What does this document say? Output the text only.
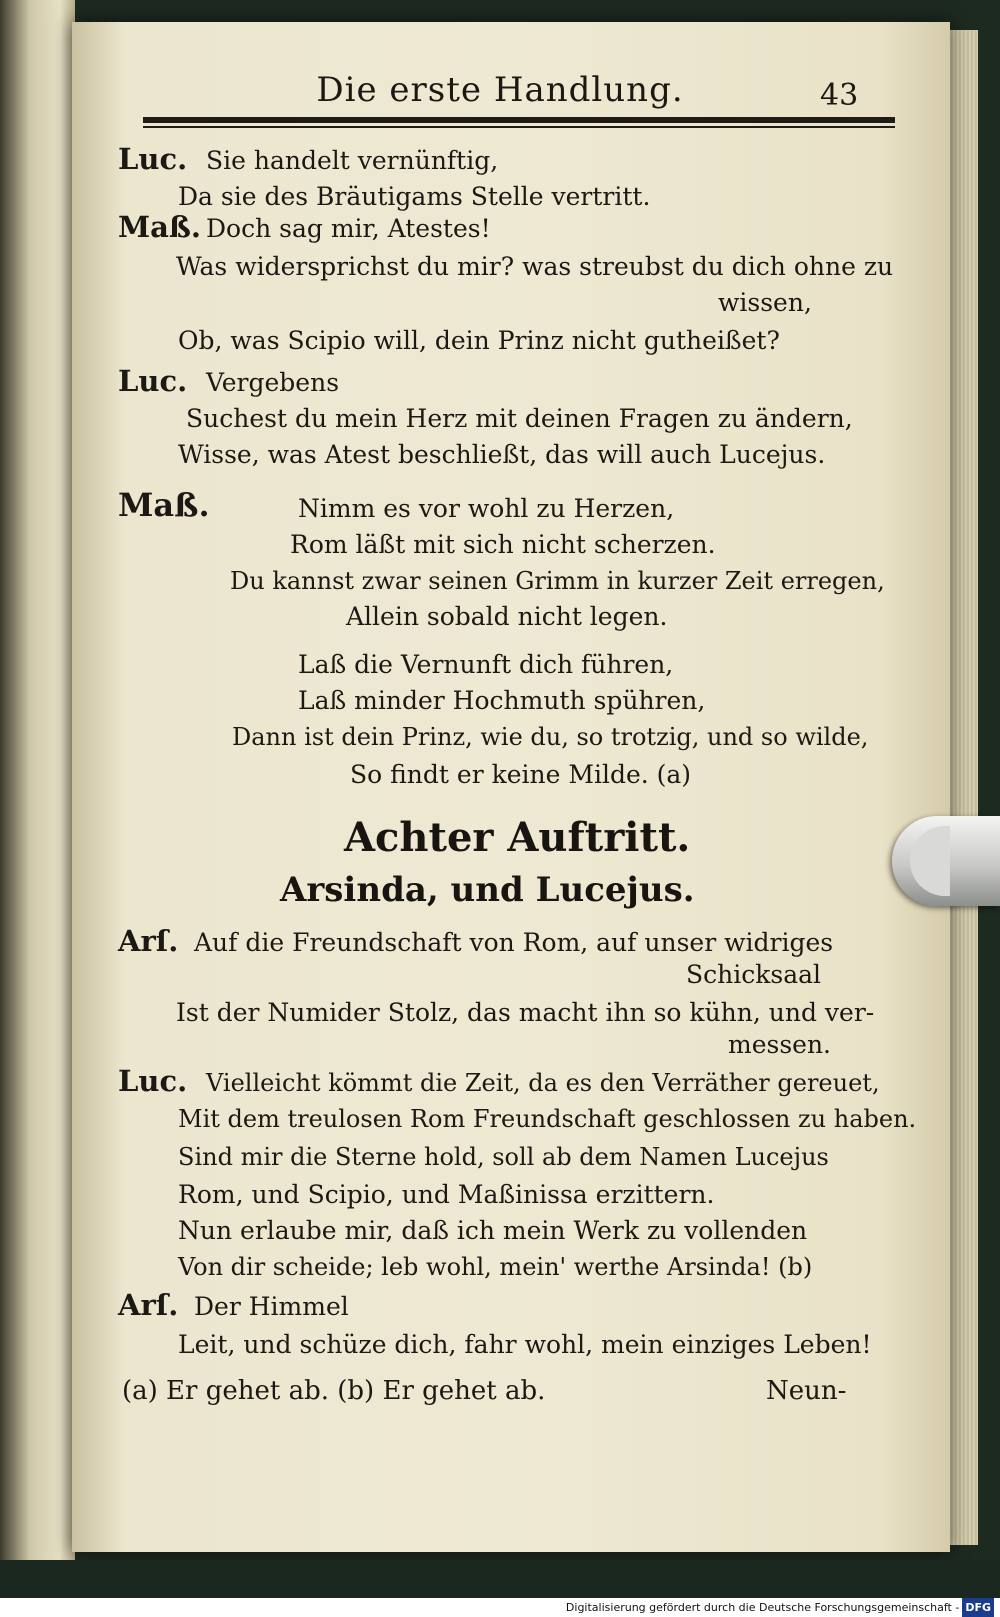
Die erste Handlung.	43
Luc. Sie handelt vernünftig,
Da sie des Bräutigams Stelle vertritt.
Maß. Doch sag mir, Atestes!
Was widersprichst du mir? was streubst du dich ohne zu
wissen,
Ob, was Scipio will, dein Prinz nicht gutheißet?
Luc. Vergebens
Suchest du mein Herz mit deinen Fragen zu ändern,
Wisse, was Atest beschließt, das will auch Lucejus.
Maß.	Nimm es vor wohl zu Herzen,
Rom läßt mit sich nicht scherzen.
Du kannst zwar seinen Grimm in kurzer Zeit erregen,
Allein sobald nicht legen.
Laß die Vernunft dich führen,
Laß minder Hochmuth spühren,
Dann ist dein Prinz, wie du, so trotzig, und so wilde,
So findt er keine Milde. (a)
Achter Auftritt.
Arsinda, und Lucejus.
Arſ. Auf die Freundschaft von Rom, auf unser widriges
Schicksaal
Ist der Numider Stolz, das macht ihn so kühn, und ver-
messen.
Luc. Vielleicht kömmt die Zeit, da es den Verräther gereuet,
Mit dem treulosen Rom Freundschaft geschlossen zu haben.
Sind mir die Sterne hold, soll ab dem Namen Lucejus
Rom, und Scipio, und Maßinissa erzittern.
Nun erlaube mir, daß ich mein Werk zu vollenden
Von dir scheide; leb wohl, mein' werthe Arsinda! (b)
Arſ. Der Himmel
Leit, und schüze dich, fahr wohl, mein einziges Leben!
(a) Er gehet ab. (b) Er gehet ab.	Neun-
Digitalisierung gefördert durch die Deutsche Forschungsgemeinschaft - DFG
